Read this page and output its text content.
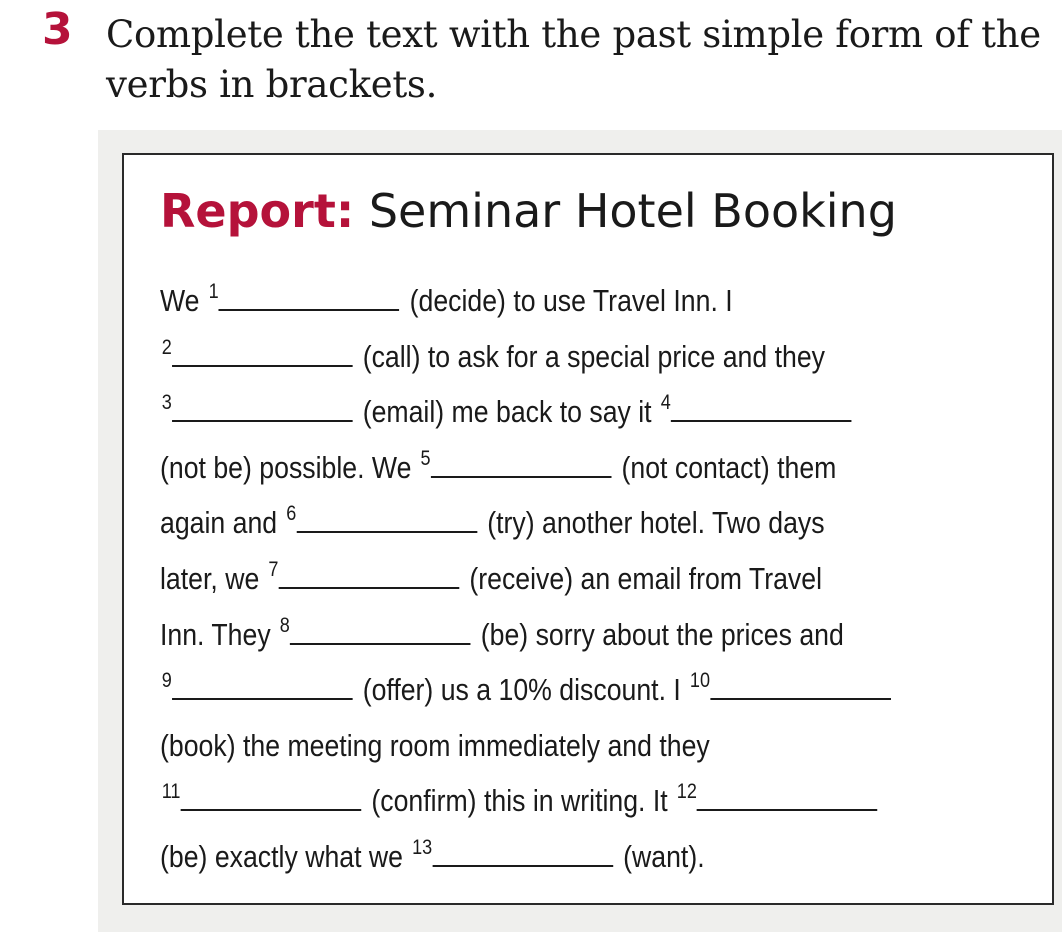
3 Complete the text with the past simple form of the
verbs in brackets.
Report: Seminar Hotel Booking
We $^1$	(decide) to use Travel Inn. I
$^2$	(call) to ask for a special price and they
$^3$	(email) me back to say it $^4$
(not be) possible. We $^5$	(not contact) them
again and $^6$	(try) another hotel. Two days
later, we $^7$	(receive) an email from Travel
Inn. They $^8$	(be) sorry about the prices and
$^9$	(offer) us a 10% discount. I $^{10}$
(book) the meeting room immediately and they
$^{11}$	(confirm) this in writing. It $^{12}$
(be) exactly what we $^{13}$	(want).
